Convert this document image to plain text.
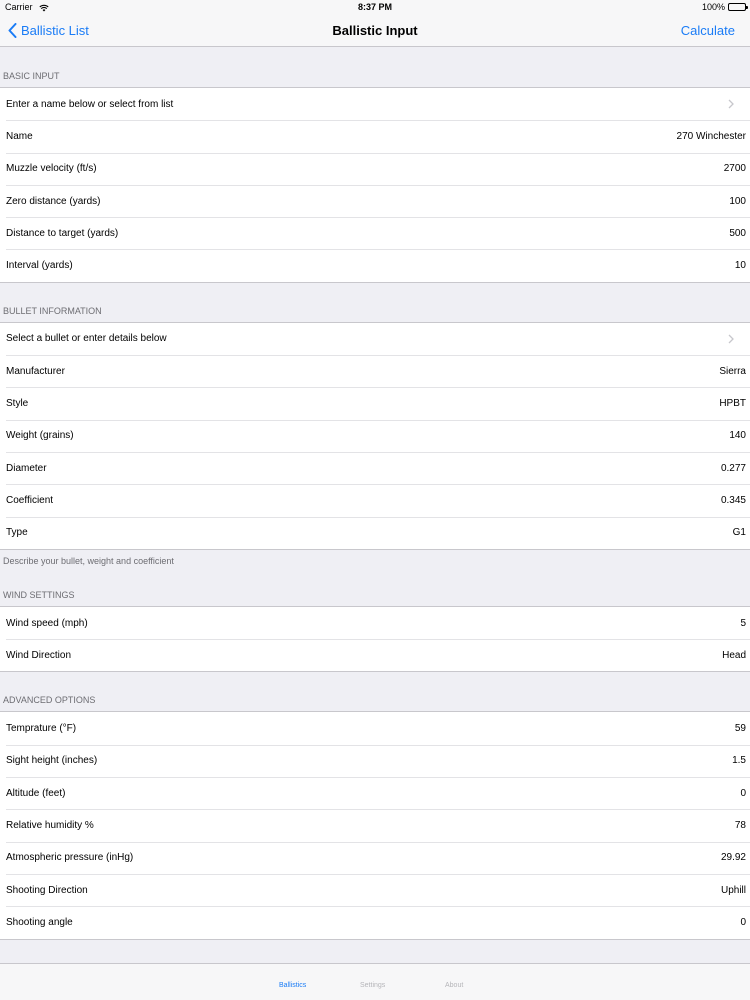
Carrier	8:37 PM	100%
Ballistic List	Ballistic Input	Calculate
BASIC INPUT
Enter a name below or select from list
Name	270 Winchester
Muzzle velocity (ft/s)	2700
Zero distance (yards)	100
Distance to target (yards)	500
Interval (yards)	10
BULLET INFORMATION
Select a bullet or enter details below
Manufacturer	Sierra
Style	HPBT
Weight (grains)	140
Diameter	0.277
Coefficient	0.345
Type	G1
Describe your bullet, weight and coefficient
WIND SETTINGS
Wind speed (mph)	5
Wind Direction	Head
ADVANCED OPTIONS
Temprature (°F)	59
Sight height (inches)	1.5
Altitude (feet)	0
Relative humidity %	78
Atmospheric pressure (inHg)	29.92
Shooting Direction	Uphill
Shooting angle	0
Ballistics	Settings	About
